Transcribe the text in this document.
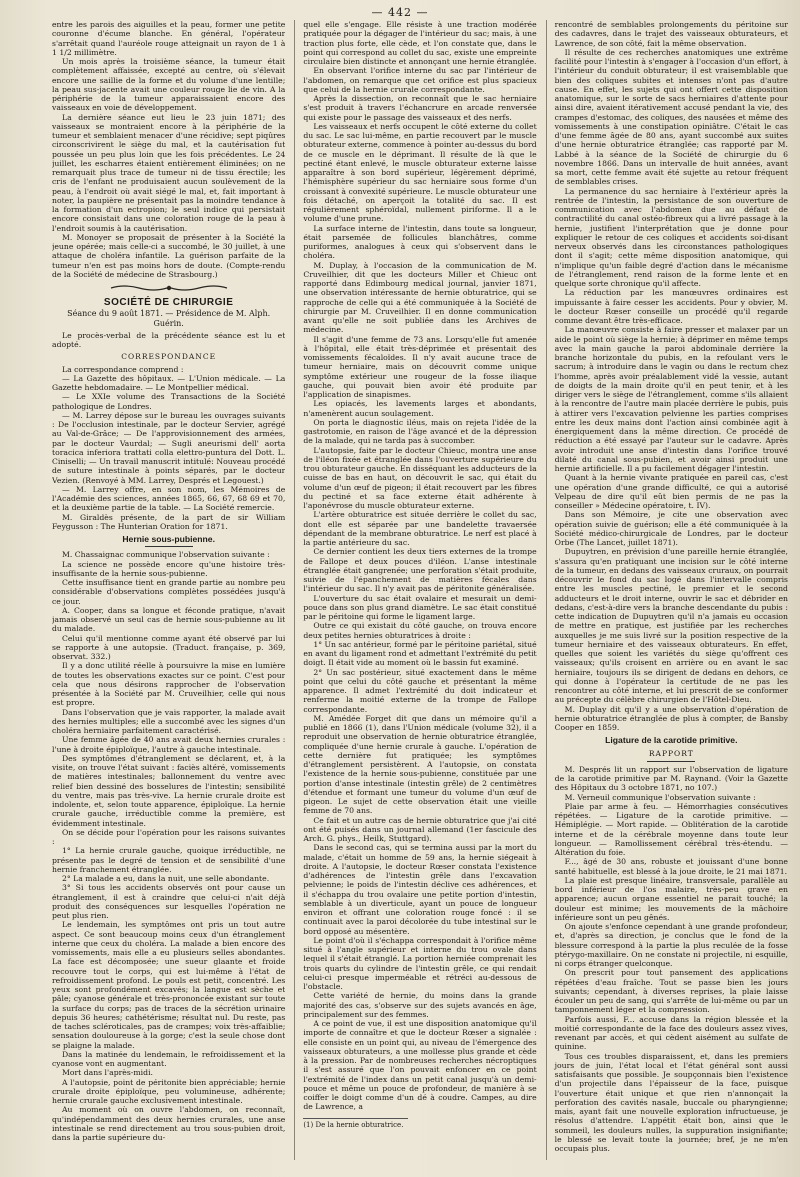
— 442 —

entre les parois des aiguilles et la peau, former une petite couronne d'écume blanche. En général, l'opérateur s'arrêtait quand l'auréole rouge atteignait un rayon de 1 à 1 1/2 millimètre.

Un mois après la troisième séance, la tumeur était complètement affaissée, excepté au centre, où s'élevait encore une saillie de la forme et du volume d'une lentille; la peau sus-jacente avait une couleur rouge lie de vin. A la périphérie de la tumeur apparaissaient encore des vaisseaux en voie de développement.

La dernière séance eut lieu le 23 juin 1871; des vaisseaux se montraient encore à la périphérie de la tumeur et semblaient menacer d'une récidive; sept piqûres circonscrivirent le siège du mal, et la cautérisation fut poussée un peu plus loin que les fois précédentes. Le 24 juillet, les escharres étaient entièrement éliminées; on ne remarquait plus trace de tumeur ni de tissu érectile; les cris de l'enfant ne produisaient aucun soulèvement de la peau, à l'endroit où avait siégé le mal, et, fait important à noter, la paupière ne présentait pas la moindre tendance à la formation d'un ectropion; le seul indice qui persistait encore consistait dans une coloration rouge de la peau à l'endroit soumis à la cautérisation.

M. Monoyer se proposait de présenter à la Société la jeune opérée; mais celle-ci a succombé, le 30 juillet, à une attaque de choléra infantile. La guérison parfaite de la tumeur n'en est pas moins hors de doute. (Compte-rendu de la Société de médecine de Strasbourg.)

SOCIÉTÉ DE CHIRURGIE
Séance du 9 août 1871. — Présidence de M. Alph. Guérin.

Le procès-verbal de la précédente séance est lu et adopté.

CORRESPONDANCE

La correspondance comprend :

— La Gazette des hôpitaux. — L'Union médicale. — La Gazette hebdomadaire. — Le Montpellier médical.

— Le XXIe volume des Transactions de la Société pathologique de Londres.

— M. Larrey dépose sur le bureau les ouvrages suivants : De l'occlusion intestinale, par le docteur Servier, agrégé au Val-de-Grâce; — De l'approvisionnement des armées, par le docteur Vaurdal; — Sugli aneurismi dell' aorta toracica inferiora trattati colla elettro-puntura del Dott. L. Ciniselli; — Un travail manuscrit intitulé: Nouveau procédé de suture intestinale à points séparés, par le docteur Vezien. (Renvoyé à MM. Larrey, Després et Legouest.)

— M. Larrey offre, en son nom, les Mémoires de l'Académie des sciences, années 1865, 66, 67, 68 69 et 70, et la deuxième partie de la table. — La Société remercie.

M. Giraldès présente, de la part de sir William Feygusson : The Hunterian Oration for 1871.

Hernie sous-pubienne.

M. Chassaignac communique l'observation suivante :

La science ne possède encore qu'une histoire très-insuffisante de la hernie sous-pubienne.

Cette insuffisance tient en grande partie au nombre peu considérable d'observations complètes possédées jusqu'à ce jour.

A. Cooper, dans sa longue et féconde pratique, n'avait jamais observé un seul cas de hernie sous-pubienne au lit du malade.

Celui qu'il mentionne comme ayant été observé par lui se rapporte à une autopsie. (Traduct. française, p. 369, observat. 332.)

Il y a donc utilité réelle à poursuivre la mise en lumière de toutes les observations exactes sur ce point. C'est pour cela que nous désirons rapprocher de l'observation présentée à la Société par M. Cruveilhier, celle qui nous est propre.

Dans l'observation que je vais rapporter, la malade avait des hernies multiples; elle a succombé avec les signes d'un choléra herniaire parfaitement caractérisé.

Une femme âgée de 40 ans avait deux hernies crurales : l'une à droite épiploïque, l'autre à gauche intestinale.

Des symptômes d'étranglement se déclarent, et, à la visite, on trouve l'état suivant : faciès altéré, vomissements de matières intestinales; ballonnement du ventre avec relief bien dessiné des bosselures de l'intestin; sensibilité du ventre, mais pas très-vive. La hernie crurale droite est indolente, et, selon toute apparence, épiploïque. La hernie crurale gauche, irréductible comme la première, est évidemment intestinale.

On se décide pour l'opération pour les raisons suivantes :

1° La hernie crurale gauche, quoique irréductible, ne présente pas le degré de tension et de sensibilité d'une hernie franchement étranglée.

2° La malade a eu, dans la nuit, une selle abondante.

3° Si tous les accidents observés ont pour cause un étranglement, il est à craindre que celui-ci n'ait déjà produit des conséquences sur lesquelles l'opération ne peut plus rien.

Le lendemain, les symptômes ont pris un tout autre aspect. Ce sont beaucoup moins ceux d'un étranglement interne que ceux du choléra. La malade a bien encore des vomissements, mais elle a eu plusieurs selles abondantes. La face est décomposée; une sueur glaante et froide recouvre tout le corps, qui est lui-même à l'état de refroidissement profond. Le pouls est petit, concentré. Les yeux sont profondément excavés; la langue est sèche et pâle; cyanose générale et très-prononcée existant sur toute la surface du corps; pas de traces de la sécrétion urinaire depuis 36 heures; cathétérisme; résultat nul. Du reste, pas de taches scléroticales, pas de crampes; voix très-affaiblie; sensation douloureuse à la gorge; c'est la seule chose dont se plaigne la malade.

Dans la matinée du lendemain, le refroidissement et la cyanose vont en augmentant.

Mort dans l'après-midi.

A l'autopsie, point de péritonite bien appréciable; hernie crurale droite épiploïque, peu volumineuse, adhérente; hernie crurale gauche exclusivement intestinale.

Au moment où on ouvre l'abdomen, on reconnaît, qu'indépendamment des deux hernies crurales, une anse intestinale se rend directement au trou sous-pubien droit, dans la partie supérieure du-

quel elle s'engage. Elle résiste à une traction modérée pratiquée pour la dégager de l'intérieur du sac; mais, à une traction plus forte, elle cède, et l'on constate que, dans le point qui correspond au collet du sac, existe une empreinte circulaire bien distincte et annonçant une hernie étranglée.

En observant l'orifice interne du sac par l'intérieur de l'abdomen, on remarque que cet orifice est plus spacieux que celui de la hernie crurale correspondante.

Après la dissection, on reconnaît que le sac herniaire s'est produit à travers l'échancrure en arcade renversée qui existe pour le passage des vaisseaux et des nerfs.

Les vaisseaux et nerfs occupent le côté externe du collet du sac. Le sac lui-même, en partie recouvert par le muscle obturateur externe, commence à pointer au-dessus du bord de ce muscle en le déprimant. Il résulte de là que le pectiné étant enlevé, le muscle obturateur externe laisse apparaître à son bord supérieur, légèrement déprimé, l'hémisphère supérieur du sac herniaire sous forme d'un croissant à convexité supérieure. Le muscle obturateur une fois détaché, on aperçoit la totalité du sac. Il est régulièrement sphéroïdal, nullement piriforme. Il a le volume d'une prune.

La surface interne de l'intestin, dans toute sa longueur, était parsemée de follicules blanchâtres, comme puriformes, analogues à ceux qui s'observent dans le choléra.

M. Duplay, à l'occasion de la communication de M. Cruveilhier, dit que les docteurs Miller et Chieuc ont rapporté dans Edimbourg medical journal, janvier 1871, une observation intéressante de hernie obturatrice, qui se rapproche de celle qui a été communiquée à la Société de chirurgie par M. Cruveilhier. Il en donne communication avant qu'elle ne soit publiée dans les Archives de médecine.

Il s'agit d'une femme de 73 ans. Lorsqu'elle fut amenée à l'hôpital, elle était très-déprimée et présentait des vomissements fécaloïdes. Il n'y avait aucune trace de tumeur herniaire, mais on découvrit comme unique symptôme extérieur une rougeur de la fosse iliaque gauche, qui pouvait bien avoir été produite par l'application de sinapismes.

Les opiacés, les lavements larges et abondants, n'amenèrent aucun soulagement.

On porta le diagnostic iléus, mais on rejeta l'idée de la gastrotomie, en raison de l'âge avancé et de la dépression de la malade, qui ne tarda pas à succomber.

L'autopsie, faite par le docteur Chieuc, montra une anse de l'iléon fixée et étranglée dans l'ouverture supérieure du trou obturateur gauche. En disséquant les adducteurs de la cuisse de bas en haut, on découvrit le sac, qui était du volume d'un œuf de pigeon; il était recouvert par les fibres du pectiné et sa face externe était adhérente à l'aponévrose du muscle obturateur externe.

L'artère obturatrice est située derrière le collet du sac, dont elle est séparée par une bandelette travaersée dépendant de la membrane obturatrice. Le nerf est placé à la partie antérieure du sac.

Ce dernier contient les deux tiers externes de la trompe de Fallope et deux pouces d'iléon. L'anse intestinale étranglée était gangrenée; une perforation s'était produite, suivie de l'épanchement de matières fécales dans l'intérieur du sac. Il n'y avait pas de péritonite généralisée.

L'ouverture du sac était ovalaire et mesurait un demi-pouce dans son plus grand diamètre. Le sac était constitué par le péritoine qui forme le ligament large.

Outre ce qui existait du côté gauche, on trouva encore deux petites hernies obturatrices à droite :

1° Un sac antérieur, formé par le péritoine pariétal, situé en avant du ligament rond et admettant l'extrémité du petit doigt. Il était vide au moment où le bassin fut examiné.

2° Un sac postérieur, situé exactement dans le même point que celui du côté gauche et présentant la même apparence. Il admet l'extrémité du doit indicateur et renferme la moitié externe de la trompe de Fallope correspondante.

M. Amédée Forget dit que dans un mémoire qu'il a publié en 1866 (1), dans l'Union médicale (volume 32), il a reproduit une observation de hernie obturatrice étranglée, compliquée d'une hernie crurale à gauche. L'opération de cette dernière fut pratiquée; les symptômes d'étranglement persistèrent. A l'autopsie, on constata l'existence de la hernie sous-pubienne, constituée par une portion d'anse intestinale (intestin grêle) de 2 centimètres d'étendue et formant une tumeur du volume d'un œuf de pigeon. Le sujet de cette observation était une vieille femme de 70 ans.

Ce fait et un autre cas de hernie obturatrice que j'ai cité ont été puisés dans un journal allemand (1er fascicule des Arch. G. phys., Heilk, Stuttgard).

Dans le second cas, qui se termina aussi par la mort du malade, c'était un homme de 59 ans, la hernie siégeait à droite. A l'autopsie, le docteur Rœser constata l'existence d'adhérences de l'intestin grêle dans l'excavation pelvienne; le poids de l'intestin déclive ces adhérences, et il s'échappa du trou ovalaire une petite portion d'intestin, semblable à un diverticule, ayant un pouce de longueur environ et offrant une coloration rouge foncé : il se continuait avec la paroi décolorée du tube intestinal sur le bord opposé au mésentère.

Le point d'où il s'échappa correspondait à l'orifice même situé à l'angle supérieur et interne du trou ovale dans lequel il s'était étranglé. La portion herniée comprenait les trois quarts du cylindre de l'intestin grêle, ce qui rendait celui-ci presque imperméable et rétréci au-dessous de l'obstacle.

Cette variété de hernie, du moins dans la grande majorité des cas, s'observe sur des sujets avancés en âge, principalement sur des femmes.

A ce point de vue, il est une disposition anatomique qu'il importe de connaître et que le docteur Rœser a signalée : elle consiste en un point qui, au niveau de l'émergence des vaisseaux obturateurs, a une mollesse plus grande et cède à la pression. Par de nombreuses recherches nécroptiques il s'est assuré que l'on pouvait enfoncer en ce point l'extrémité de l'index dans un petit canal jusqu'à un demi-pouce et même un pouce de profondeur, de manière à se coiffer le doigt comme d'un dé à coudre. Campes, au dire de Lawrence, a

(1) De la hernie obturatrice.

rencontré de semblables prolongements du péritoine sur des cadavres, dans le trajet des vaisseaux obturateurs, et Lawrence, de son côté, fait la même observation.

Il résulte de ces recherches anatomiques une extrême facilité pour l'intestin à s'engager à l'occasion d'un effort, à l'intérieur du conduit obturateur; il est vraisemblable que bien des coliques subites et intenses n'ont pas d'autre cause. En effet, les sujets qui ont offert cette disposition anatomique, sur le sorte de sacs herniaires d'attente pour ainsi dire, avaient itérativement accusé pendant la vie, des crampes d'estomac, des coliques, des nausées et même des vomissements à une constipation opiniâtre. C'était le cas d'une femme âgée de 80 ans, ayant succombé aux suites d'une hernie obturatrice étranglée; cas rapporté par M. Labbé à la séance de la Société de chirurgie du 6 novembre 1866. Dans un intervalle de huit années, avant sa mort, cette femme avait été sujette au retour fréquent de semblables crises.

La permanence du sac herniaire à l'extérieur après la rentrée de l'intestin, la persistance de son ouverture de communication avec l'abdomen due au défaut de contractilité du canal ostéo-fibreux qui a livré passage à la hernie, justifient l'interprétation que je donne pour expliquer le retour de ces coliques et accidents soi-disant nerveux observés dans les circonstances pathologiques dont il s'agit; cette même disposition anatomique, qui n'implique qu'un faible degré d'action dans le mécanisme de l'étranglement, rend raison de la forme lente et en quelque sorte chronique qu'il affecte.

La réduction par les manœuvres ordinaires est impuissante à faire cesser les accidents. Pour y obvier, M. le docteur Rœser conseille un procédé qu'il regarde comme devant être très-efficace.

La manœuvre consiste à faire presser et malaxer par un aide le point où siège la hernie; à déprimer en même temps avec la main gauche la paroi abdominale derrière la branche horizontale du pubis, en la refoulant vers le sacrum; à introduire dans le vagin ou dans le rectum chez l'homme, après avoir préalablement vidé la vessie, autant de doigts de la main droite qu'il en peut tenir, et à les diriger vers le siège de l'étranglement, comme s'ils allaient à la rencontre de l'autre main placée derrière le pubis, puis à attirer vers l'excavation pelvienne les parties comprises entre les deux mains dont l'action ainsi combinée agit à énergiquement dans la même direction. Ce procédé de réduction a été essayé par l'auteur sur le cadavre. Après avoir introduit une anse d'intestin dans l'orifice trouvé dilaté du canal sous-pubien, et avoir ainsi produit une hernie artificielle. Il a pu facilement dégager l'intestin.

Quant à la hernie vivante pratiquée en pareil cas, c'est une opération d'une grande difficulté, ce qui a autorisé Velpeau de dire qu'il eût bien permis de ne pas la conseiller » Médecine opératoire, t. IV).

Dans son Mémoire, je cite une observation avec opération suivie de guérison; elle a été communiquée à la Société médico-chirurgicale de Londres, par le docteur Orbe (The Lancet, juillet 1871).

Dupuytren, en prévision d'une pareille hernie étranglée, s'assura qu'en pratiquant une incision sur le côté interne de la tumeur, en dedans des vaisseaux cruraux, on pourrait découvrir le fond du sac logé dans l'intervalle compris entre les muscles pectiné, le premier et le second adducteurs et le droit interne, ouvrir le sac et débrider en dedans, c'est-à-dire vers la branche descendante du pubis : cette indication de Dupuytren qu'il n'a jamais eu occasion de mettre en pratique, est justifiée par les recherches auxquelles je me suis livré sur la position respective de la tumeur herniaire et des vaisseaux obturateurs. En effet, quelles que soient les variétés du siège qu'offrent ces vaisseaux; qu'ils croisent en arrière ou en avant le sac herniaire, toujours ils se dirigent de dedans en dehors, ce qui donne à l'opérateur la certitude de ne pas les rencontrer au côté interne, et lui prescrit de se conformer au précepte du célèbre chirurgien de l'Hôtel-Dieu.

M. Duplay dit qu'il y a une observation d'opération de hernie obturatrice étranglée de plus à compter, de Bansby Cooper en 1859.

Ligature de la carotide primitive.
RAPPORT

M. Després lit un rapport sur l'observation de ligature de la carotide primitive par M. Raynand. (Voir la Gazette des Hôpitaux du 3 octobre 1871, no 107.)

M. Verneuil communique l'observation suivante :

Plaie par arme à feu. — Hémorrhagies consécutives répétées. — Ligature de la carotide primitive. — Hémiplégie. — Mort rapide. — Oblitération de la carotide interne et de la cérébrale moyenne dans toute leur longueur. — Ramollissement cérébral très-étendu. — Altération du foie.

F..., âgé de 30 ans, robuste et jouissant d'une bonne santé habituelle, est blessé à la joue droite, le 21 mai 1871.

La plaie est presque linéaire, transversale, parallèle au bord inférieur de l'os malaire, très-peu grave en apparence; aucun organe essentiel ne parait touché; la douleur est minime; les mouvements de la mâchoire inférieure sont un peu gênés.

On ajoute s'enfonce cependant à une grande profondeur, et, d'après sa direction, je conclus que le fond de la blessure correspond à la partie la plus reculée de la fosse ptérygo-maxillaire. On ne constate ni projectile, ni esquille, ni corps étranger quelconque.

On prescrit pour tout pansement des applications répétées d'eau fraîche. Tout se passe bien les jours suivants; cependant, à diverses reprises, la plaie laisse écouler un peu de sang, qui s'arrête de lui-même ou par un tamponnement léger et la compression.

Parfois aussi, F... accuse dans la région blessée et la moitié correspondante de la face des douleurs assez vives, revenant par accès, et qui cèdent aisément au sulfate de quinine.

Tous ces troubles disparaissent, et, dans les premiers jours de juin, l'état local et l'état général sont aussi satisfaisants que possible. Je soupçonnais bien l'existence d'un projectile dans l'épaisseur de la face, puisque l'ouverture était unique et que rien n'annonçait la perforation des cavités nasale, buccale ou pharyngienne; mais, ayant fait une nouvelle exploration infructueuse, je résolus d'attendre. L'appétit était bon, ainsi que le sommeil, les douleurs nulles, la suppuration insignifiante; le blessé se levait toute la journée; bref, je ne m'en occupais plus.
